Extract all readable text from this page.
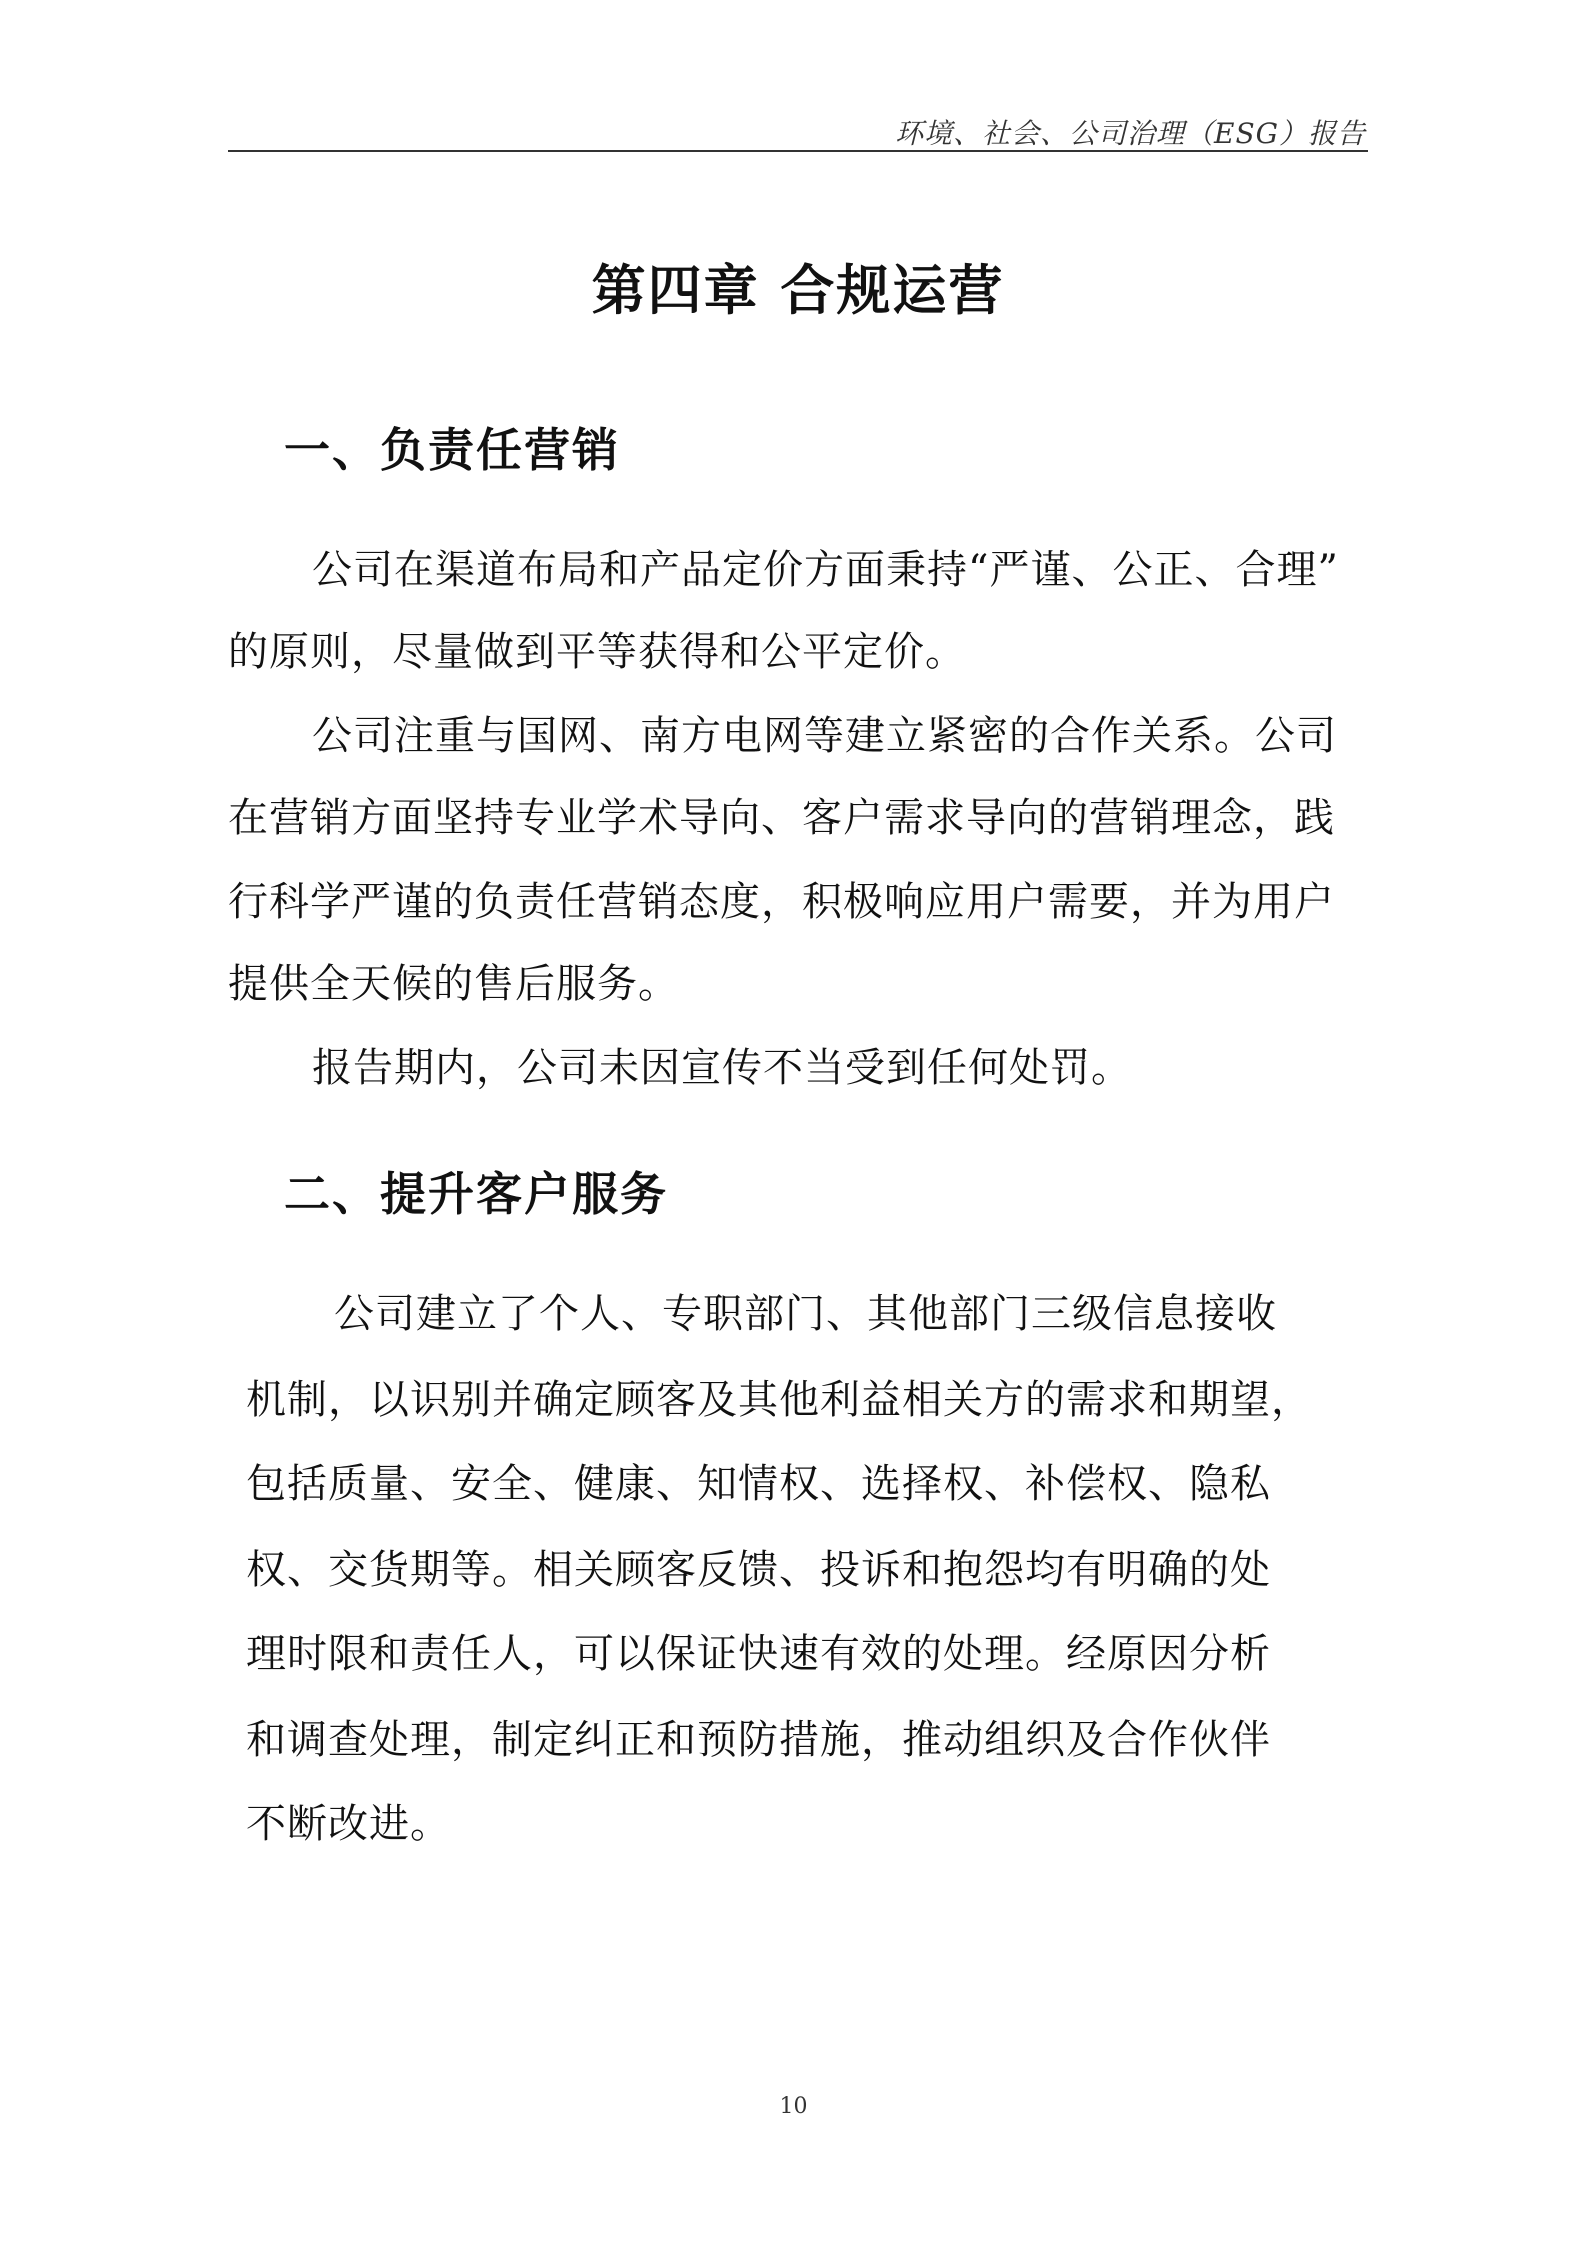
环境、社会、公司治理（ESG）报告
第四章 合规运营
一、负责任营销
公司在渠道布局和产品定价方面秉持“严谨、公正、合理”
的原则，尽量做到平等获得和公平定价。
公司注重与国网、南方电网等建立紧密的合作关系。公司
在营销方面坚持专业学术导向、客户需求导向的营销理念，践
行科学严谨的负责任营销态度，积极响应用户需要，并为用户
提供全天候的售后服务。
报告期内，公司未因宣传不当受到任何处罚。
二、提升客户服务
公司建立了个人、专职部门、其他部门三级信息接收
机制，以识别并确定顾客及其他利益相关方的需求和期望，
包括质量、安全、健康、知情权、选择权、补偿权、隐私
权、交货期等。相关顾客反馈、投诉和抱怨均有明确的处
理时限和责任人，可以保证快速有效的处理。经原因分析
和调查处理，制定纠正和预防措施，推动组织及合作伙伴
不断改进。
10
